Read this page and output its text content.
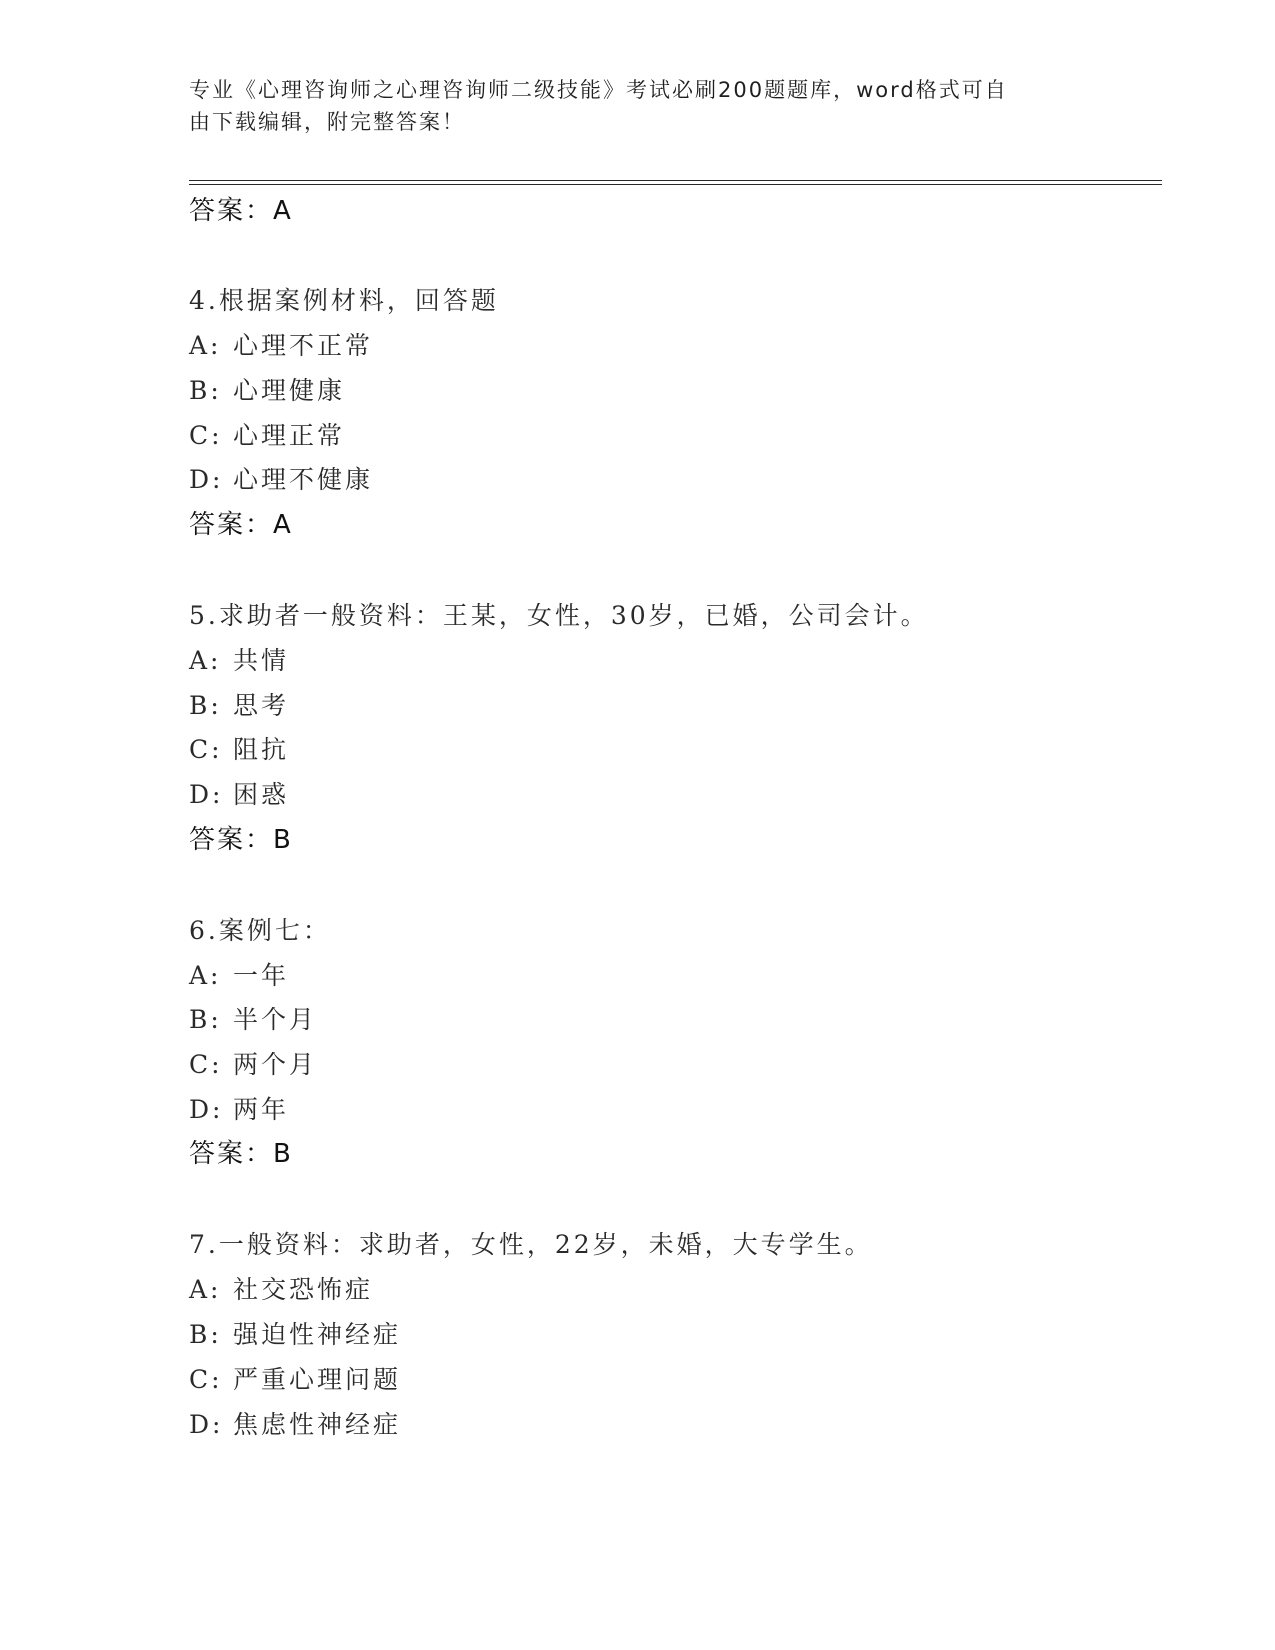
专业《心理咨询师之心理咨询师二级技能》考试必刷200题题库，word格式可自
由下载编辑，附完整答案！
答案：A
4.根据案例材料，回答题
A: 心理不正常
B: 心理健康
C: 心理正常
D: 心理不健康
答案：A
5.求助者一般资料：王某，女性，30岁，已婚，公司会计。
A: 共情
B: 思考
C: 阻抗
D: 困惑
答案：B
6.案例七：
A: 一年
B: 半个月
C: 两个月
D: 两年
答案：B
7.一般资料：求助者，女性，22岁，未婚，大专学生。
A: 社交恐怖症
B: 强迫性神经症
C: 严重心理问题
D: 焦虑性神经症
